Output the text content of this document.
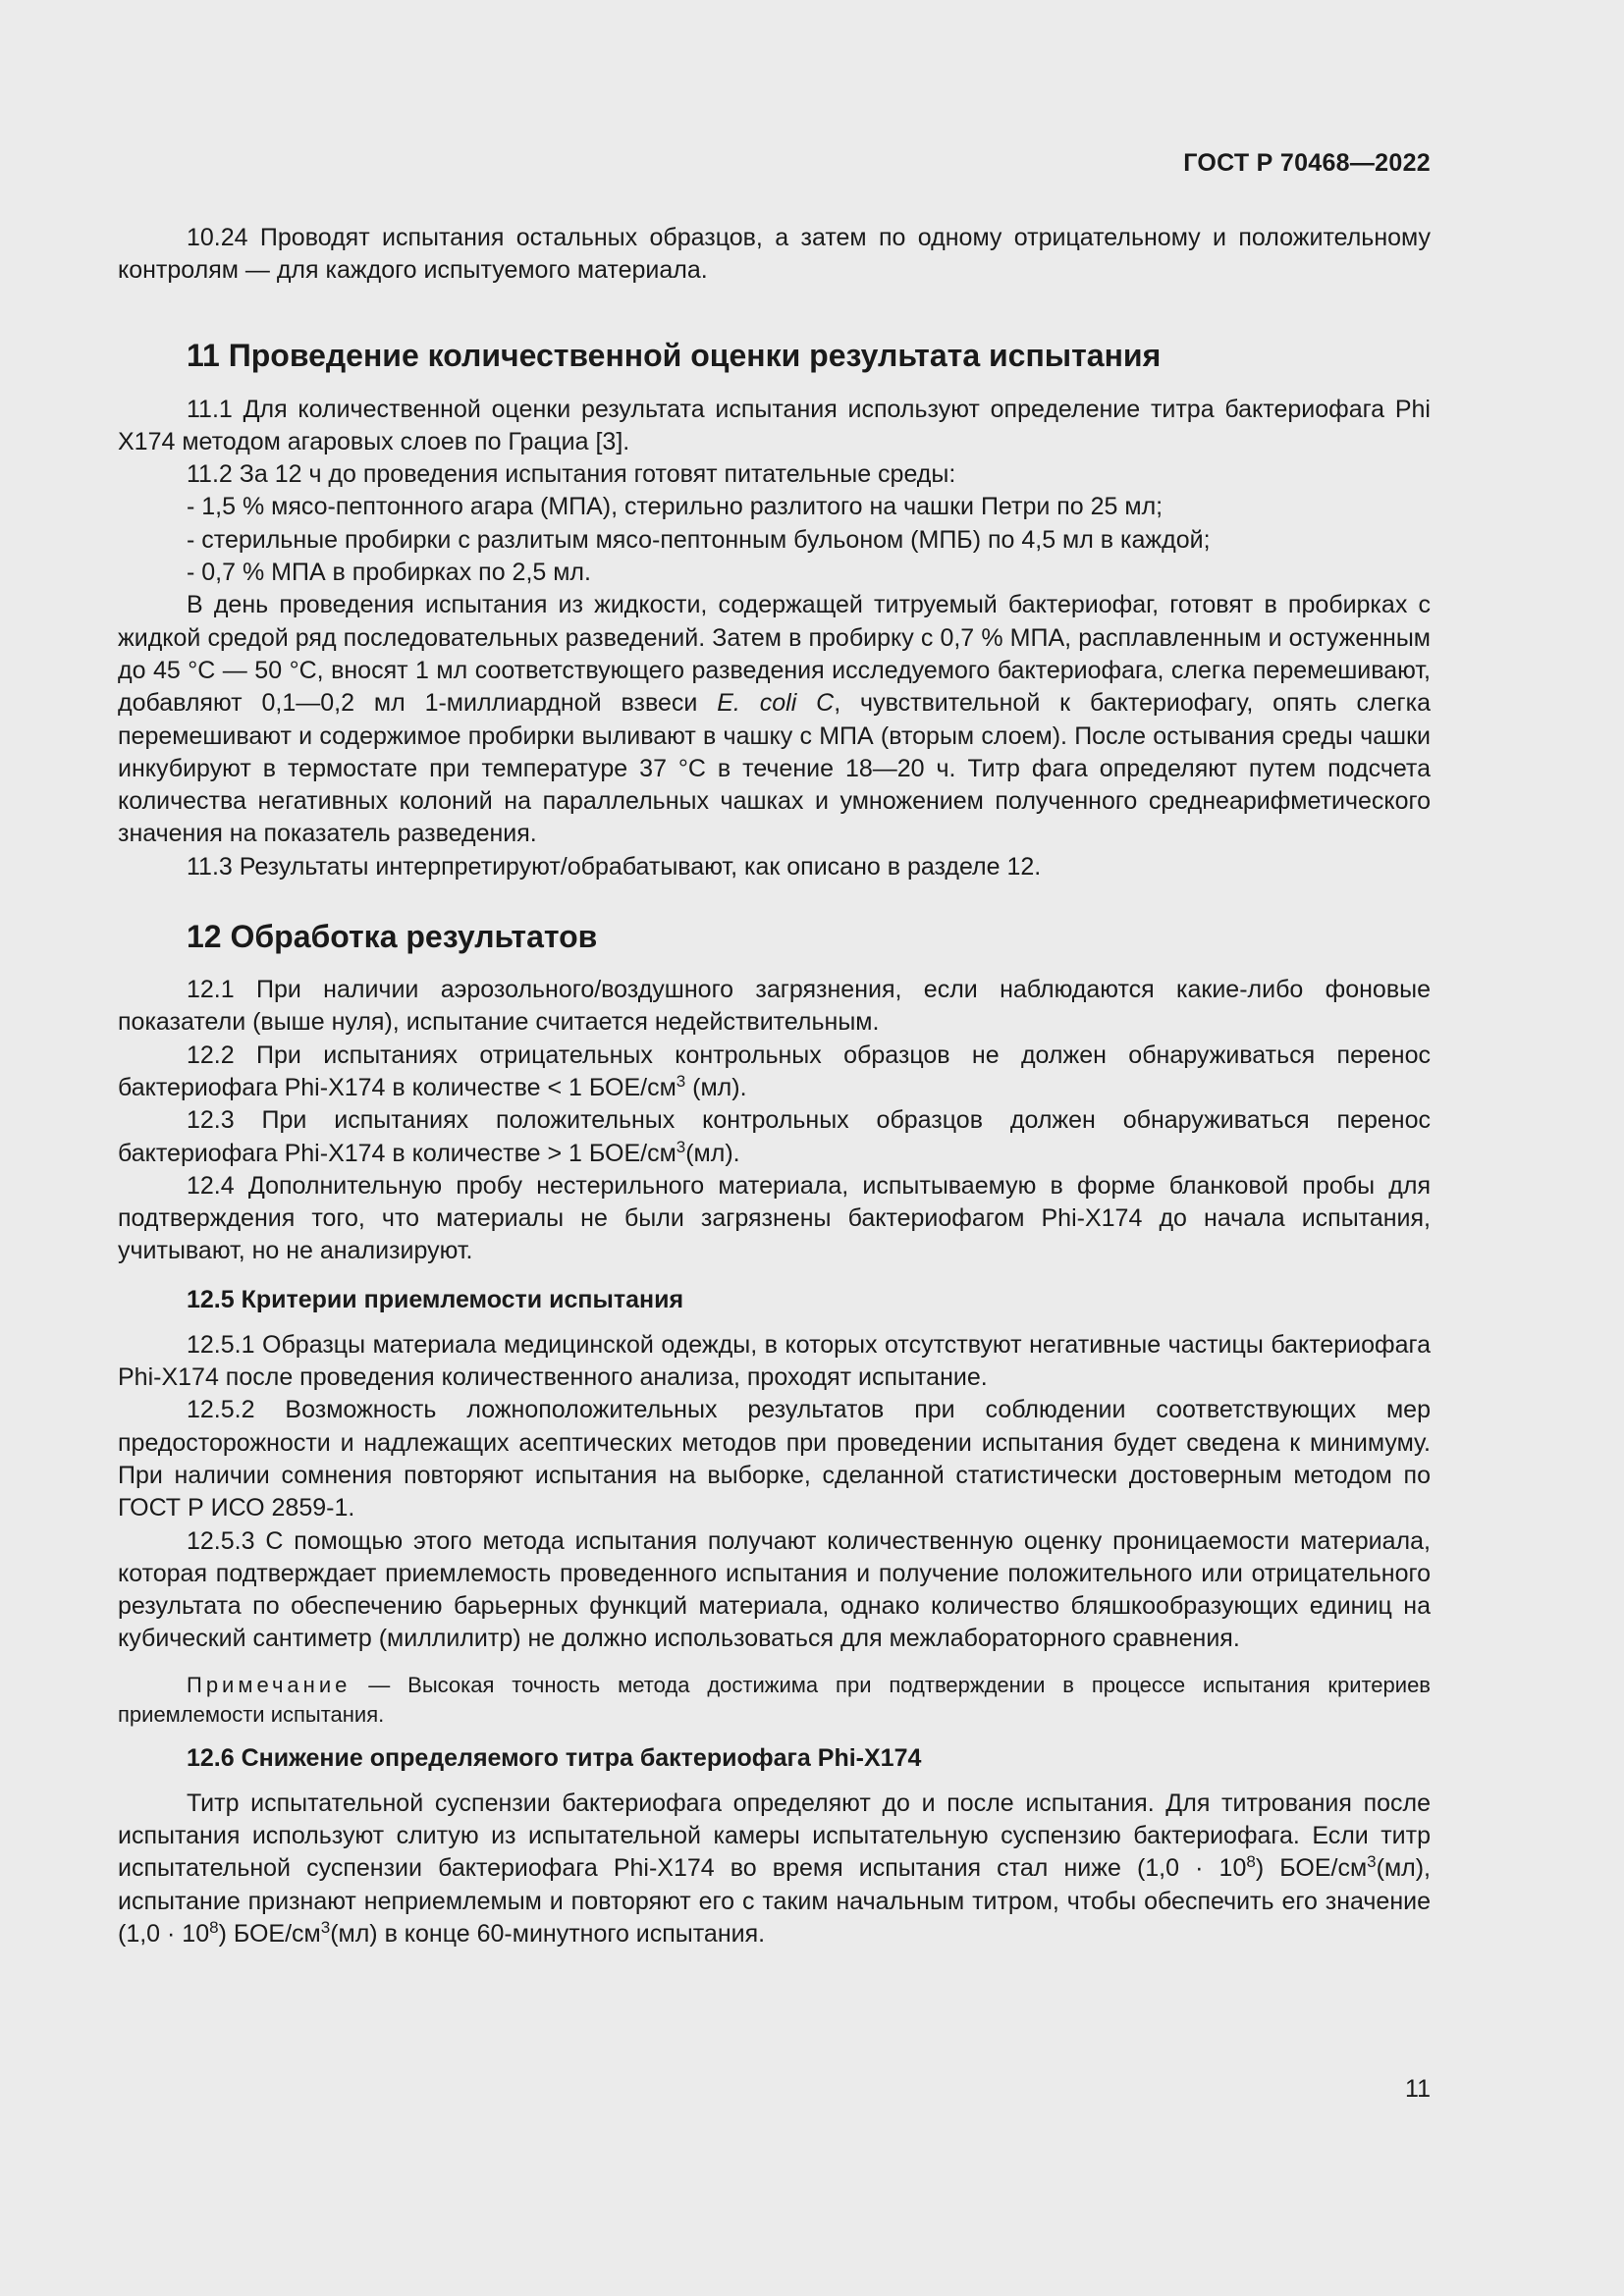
ГОСТ Р 70468—2022

10.24 Проводят испытания остальных образцов, а затем по одному отрицательному и положительному контролям — для каждого испытуемого материала.

11 Проведение количественной оценки результата испытания

11.1 Для количественной оценки результата испытания используют определение титра бактериофага Phi X174 методом агаровых слоев по Грациа [3].

11.2 За 12 ч до проведения испытания готовят питательные среды:

- 1,5 % мясо-пептонного агара (МПА), стерильно разлитого на чашки Петри по 25 мл;

- стерильные пробирки с разлитым мясо-пептонным бульоном (МПБ) по 4,5 мл в каждой;

- 0,7 % МПА в пробирках по 2,5 мл.

В день проведения испытания из жидкости, содержащей титруемый бактериофаг, готовят в пробирках с жидкой средой ряд последовательных разведений. Затем в пробирку с 0,7 % МПА, расплавленным и остуженным до 45 °С — 50 °С, вносят 1 мл соответствующего разведения исследуемого бактериофага, слегка перемешивают, добавляют 0,1—0,2 мл 1-миллиардной взвеси E. coli C, чувствительной к бактериофагу, опять слегка перемешивают и содержимое пробирки выливают в чашку с МПА (вторым слоем). После остывания среды чашки инкубируют в термостате при температуре 37 °С в течение 18—20 ч. Титр фага определяют путем подсчета количества негативных колоний на параллельных чашках и умножением полученного среднеарифметического значения на показатель разведения.

11.3 Результаты интерпретируют/обрабатывают, как описано в разделе 12.

12 Обработка результатов

12.1 При наличии аэрозольного/воздушного загрязнения, если наблюдаются какие-либо фоновые показатели (выше нуля), испытание считается недействительным.

12.2 При испытаниях отрицательных контрольных образцов не должен обнаруживаться перенос бактериофага Phi-X174 в количестве < 1 БОЕ/$см^3$ (мл).

12.3 При испытаниях положительных контрольных образцов должен обнаруживаться перенос бактериофага Phi-X174 в количестве > 1 БОЕ/$см^3(мл)$.

12.4 Дополнительную пробу нестерильного материала, испытываемую в форме бланковой пробы для подтверждения того, что материалы не были загрязнены бактериофагом Phi-X174 до начала испытания, учитывают, но не анализируют.

12.5 Критерии приемлемости испытания

12.5.1 Образцы материала медицинской одежды, в которых отсутствуют негативные частицы бактериофага Phi-X174 после проведения количественного анализа, проходят испытание.

12.5.2 Возможность ложноположительных результатов при соблюдении соответствующих мер предосторожности и надлежащих асептических методов при проведении испытания будет сведена к минимуму. При наличии сомнения повторяют испытания на выборке, сделанной статистически достоверным методом по ГОСТ Р ИСО 2859-1.

12.5.3 С помощью этого метода испытания получают количественную оценку проницаемости материала, которая подтверждает приемлемость проведенного испытания и получение положительного или отрицательного результата по обеспечению барьерных функций материала, однако количество бляшкообразующих единиц на кубический сантиметр (миллилитр) не должно использоваться для межлабораторного сравнения.

Примечание — Высокая точность метода достижима при подтверждении в процессе испытания критериев приемлемости испытания.

12.6 Снижение определяемого титра бактериофага Phi-X174

Титр испытательной суспензии бактериофага определяют до и после испытания. Для титрования после испытания используют слитую из испытательной камеры испытательную суспензию бактериофага. Если титр испытательной суспензии бактериофага Phi-X174 во время испытания стал ниже $(1,0 \cdot 10^8)$ БОЕ/$см^3(мл)$, испытание признают неприемлемым и повторяют его с таким начальным титром, чтобы обеспечить его значение $(1,0 \cdot 10^8)$ БОЕ/$см^3(мл)$ в конце 60-минутного испытания.

11
